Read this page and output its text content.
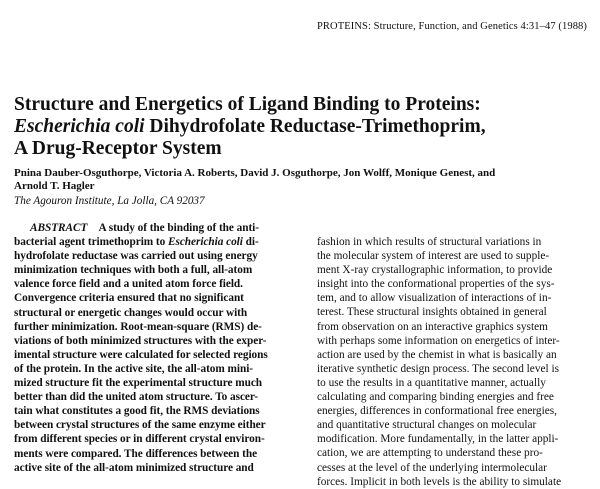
PROTEINS: Structure, Function, and Genetics 4:31–47 (1988)

Structure and Energetics of Ligand Binding to Proteins:
Escherichia coli Dihydrofolate Reductase-Trimethoprim,
A Drug-Receptor System

Pnina Dauber-Osguthorpe, Victoria A. Roberts, David J. Osguthorpe, Jon Wolff, Monique Genest, and
Arnold T. Hagler

The Agouron Institute, La Jolla, CA 92037

ABSTRACT A study of the binding of the anti-
bacterial agent trimethoprim to Escherichia coli di-
hydrofolate reductase was carried out using energy
minimization techniques with both a full, all-atom
valence force field and a united atom force field.
Convergence criteria ensured that no significant
structural or energetic changes would occur with
further minimization. Root-mean-square (RMS) de-
viations of both minimized structures with the exper-
imental structure were calculated for selected regions
of the protein. In the active site, the all-atom mini-
mized structure fit the experimental structure much
better than did the united atom structure. To ascer-
tain what constitutes a good fit, the RMS deviations
between crystal structures of the same enzyme either
from different species or in different crystal environ-
ments were compared. The differences between the
active site of the all-atom minimized structure and
fashion in which results of structural variations in
the molecular system of interest are used to supple-
ment X-ray crystallographic information, to provide
insight into the conformational properties of the sys-
tem, and to allow visualization of interactions of in-
terest. These structural insights obtained in general
from observation on an interactive graphics system
with perhaps some information on energetics of inter-
action are used by the chemist in what is basically an
iterative synthetic design process. The second level is
to use the results in a quantitative manner, actually
calculating and comparing binding energies and free
energies, differences in conformational free energies,
and quantitative structural changes on molecular
modification. More fundamentally, in the latter appli-
cation, we are attempting to understand these pro-
cesses at the level of the underlying intermolecular
forces. Implicit in both levels is the ability to simulate
